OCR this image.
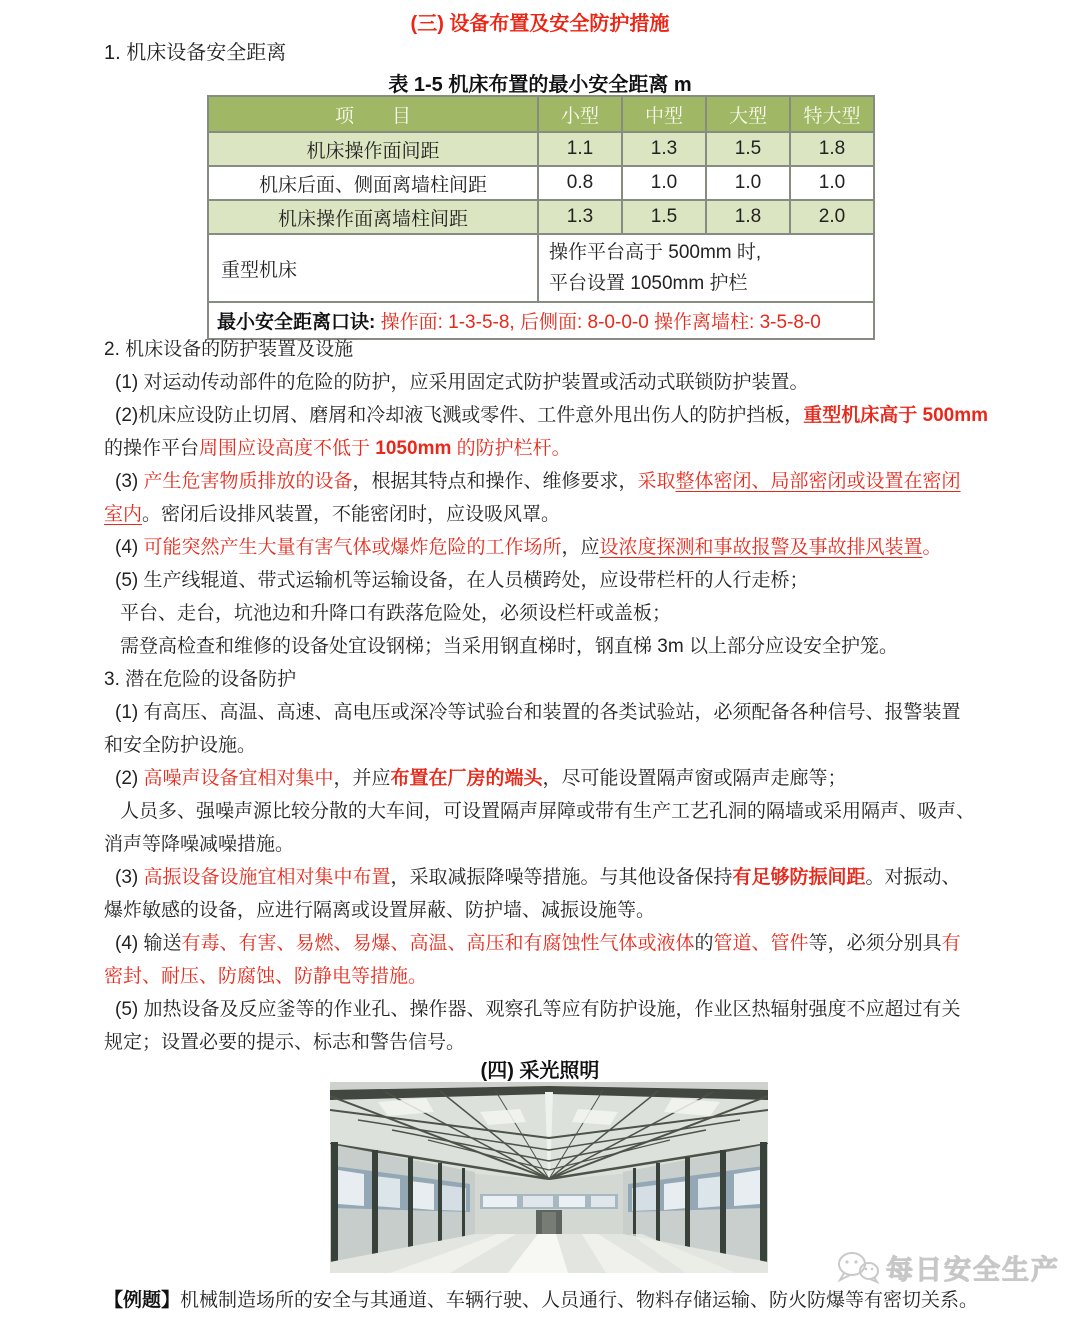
(三) 设备布置及安全防护措施
1. 机床设备安全距离
表 1-5 机床布置的最小安全距离 m
项　　目	小型	中型	大型	特大型
机床操作面间距	1.1	1.3	1.5	1.8
机床后面、侧面离墙柱间距	0.8	1.0	1.0	1.0
机床操作面离墙柱间距	1.3	1.5	1.8	2.0
重型机床	操作平台高于 500mm 时,
平台设置 1050mm 护栏			

最小安全距离口诀: 操作面: 1-3-5-8, 后侧面: 8-0-0-0 操作离墙柱: 3-5-8-0				
2. 机床设备的防护装置及设施
(1) 对运动传动部件的危险的防护，应采用固定式防护装置或活动式联锁防护装置。
(2)机床应设防止切屑、磨屑和冷却液飞溅或零件、工件意外甩出伤人的防护挡板，重型机床高于 500mm
的操作平台周围应设高度不低于 1050mm 的防护栏杆。
(3) 产生危害物质排放的设备，根据其特点和操作、维修要求，采取整体密闭、局部密闭或设置在密闭
室内。密闭后设排风装置，不能密闭时，应设吸风罩。
(4) 可能突然产生大量有害气体或爆炸危险的工作场所，应设浓度探测和事故报警及事故排风装置。
(5) 生产线辊道、带式运输机等运输设备，在人员横跨处，应设带栏杆的人行走桥；
平台、走台，坑池边和升降口有跌落危险处，必须设栏杆或盖板；
需登高检查和维修的设备处宜设钢梯；当采用钢直梯时，钢直梯 3m 以上部分应设安全护笼。
3. 潜在危险的设备防护
(1) 有高压、高温、高速、高电压或深冷等试验台和装置的各类试验站，必须配备各种信号、报警装置
和安全防护设施。
(2) 高噪声设备宜相对集中，并应布置在厂房的端头，尽可能设置隔声窗或隔声走廊等；
人员多、强噪声源比较分散的大车间，可设置隔声屏障或带有生产工艺孔洞的隔墙或采用隔声、吸声、
消声等降噪减噪措施。
(3) 高振设备设施宜相对集中布置，采取减振降噪等措施。与其他设备保持有足够防振间距。对振动、
爆炸敏感的设备，应进行隔离或设置屏蔽、防护墙、减振设施等。
(4) 输送有毒、有害、易燃、易爆、高温、高压和有腐蚀性气体或液体的管道、管件等，必须分别具有
密封、耐压、防腐蚀、防静电等措施。
(5) 加热设备及反应釜等的作业孔、操作器、观察孔等应有防护设施，作业区热辐射强度不应超过有关
规定；设置必要的提示、标志和警告信号。
(四) 采光照明
每日安全生产
【例题】机械制造场所的安全与其通道、车辆行驶、人员通行、物料存储运输、防火防爆等有密切关系。
